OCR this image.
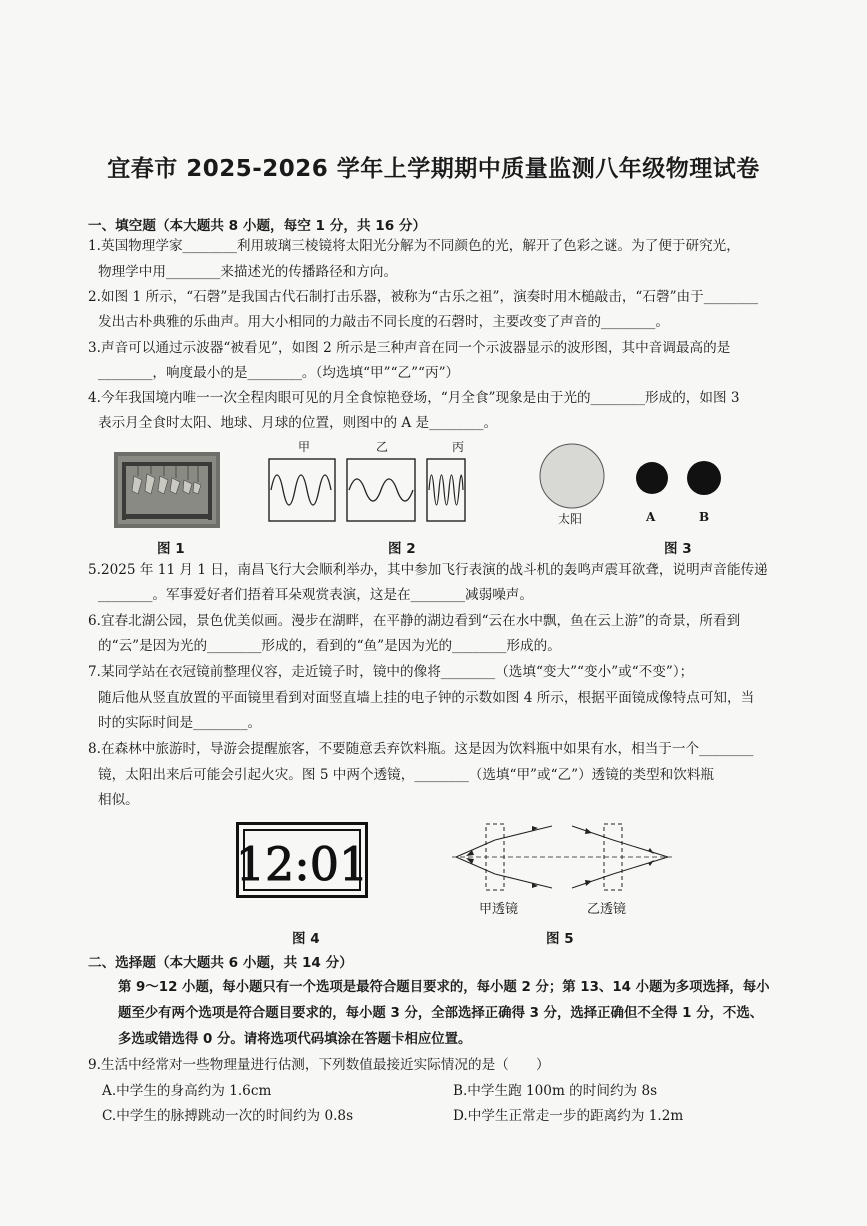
宜春市 2025-2026 学年上学期期中质量监测八年级物理试卷
一、填空题（本大题共 8 小题，每空 1 分，共 16 分）
1.英国物理学家________利用玻璃三棱镜将太阳光分解为不同颜色的光，解开了色彩之谜。为了便于研究光，
物理学中用________来描述光的传播路径和方向。
2.如图 1 所示，“石磬”是我国古代石制打击乐器，被称为“古乐之祖”，演奏时用木槌敲击，“石磬”由于________
发出古朴典雅的乐曲声。用大小相同的力敲击不同长度的石磬时，主要改变了声音的________。
3.声音可以通过示波器“被看见”，如图 2 所示是三种声音在同一个示波器显示的波形图，其中音调最高的是
________，响度最小的是________。（均选填“甲”“乙”“丙”）
4.今年我国境内唯一一次全程肉眼可见的月全食惊艳登场，“月全食”现象是由于光的________形成的，如图 3
表示月全食时太阳、地球、月球的位置，则图中的 A 是________。
图 1
甲	乙	丙
图 2
太阳	A	B
图 3
5.2025 年 11 月 1 日，南昌飞行大会顺利举办，其中参加飞行表演的战斗机的轰鸣声震耳欲聋，说明声音能传递
________。军事爱好者们捂着耳朵观赏表演，这是在________减弱噪声。
6.宜春北湖公园，景色优美似画。漫步在湖畔，在平静的湖边看到“云在水中飘，鱼在云上游”的奇景，所看到
的“云”是因为光的________形成的，看到的“鱼”是因为光的________形成的。
7.某同学站在衣冠镜前整理仪容，走近镜子时，镜中的像将________（选填“变大”“变小”或“不变”）；
随后他从竖直放置的平面镜里看到对面竖直墙上挂的电子钟的示数如图 4 所示，根据平面镜成像特点可知，当
时的实际时间是________。
8.在森林中旅游时，导游会提醒旅客，不要随意丢弃饮料瓶。这是因为饮料瓶中如果有水，相当于一个________
镜，太阳出来后可能会引起火灾。图 5 中两个透镜，________（选填“甲”或“乙”）透镜的类型和饮料瓶
相似。
12:01
图 4
甲透镜	乙透镜
图 5
二、选择题（本大题共 6 小题，共 14 分）
第 9～12 小题，每小题只有一个选项是最符合题目要求的，每小题 2 分；第 13、14 小题为多项选择，每小
题至少有两个选项是符合题目要求的，每小题 3 分，全部选择正确得 3 分，选择正确但不全得 1 分，不选、
多选或错选得 0 分。请将选项代码填涂在答题卡相应位置。
9.生活中经常对一些物理量进行估测，下列数值最接近实际情况的是（　　）
A.中学生的身高约为 1.6cm	B.中学生跑 100m 的时间约为 8s
C.中学生的脉搏跳动一次的时间约为 0.8s	D.中学生正常走一步的距离约为 1.2m
